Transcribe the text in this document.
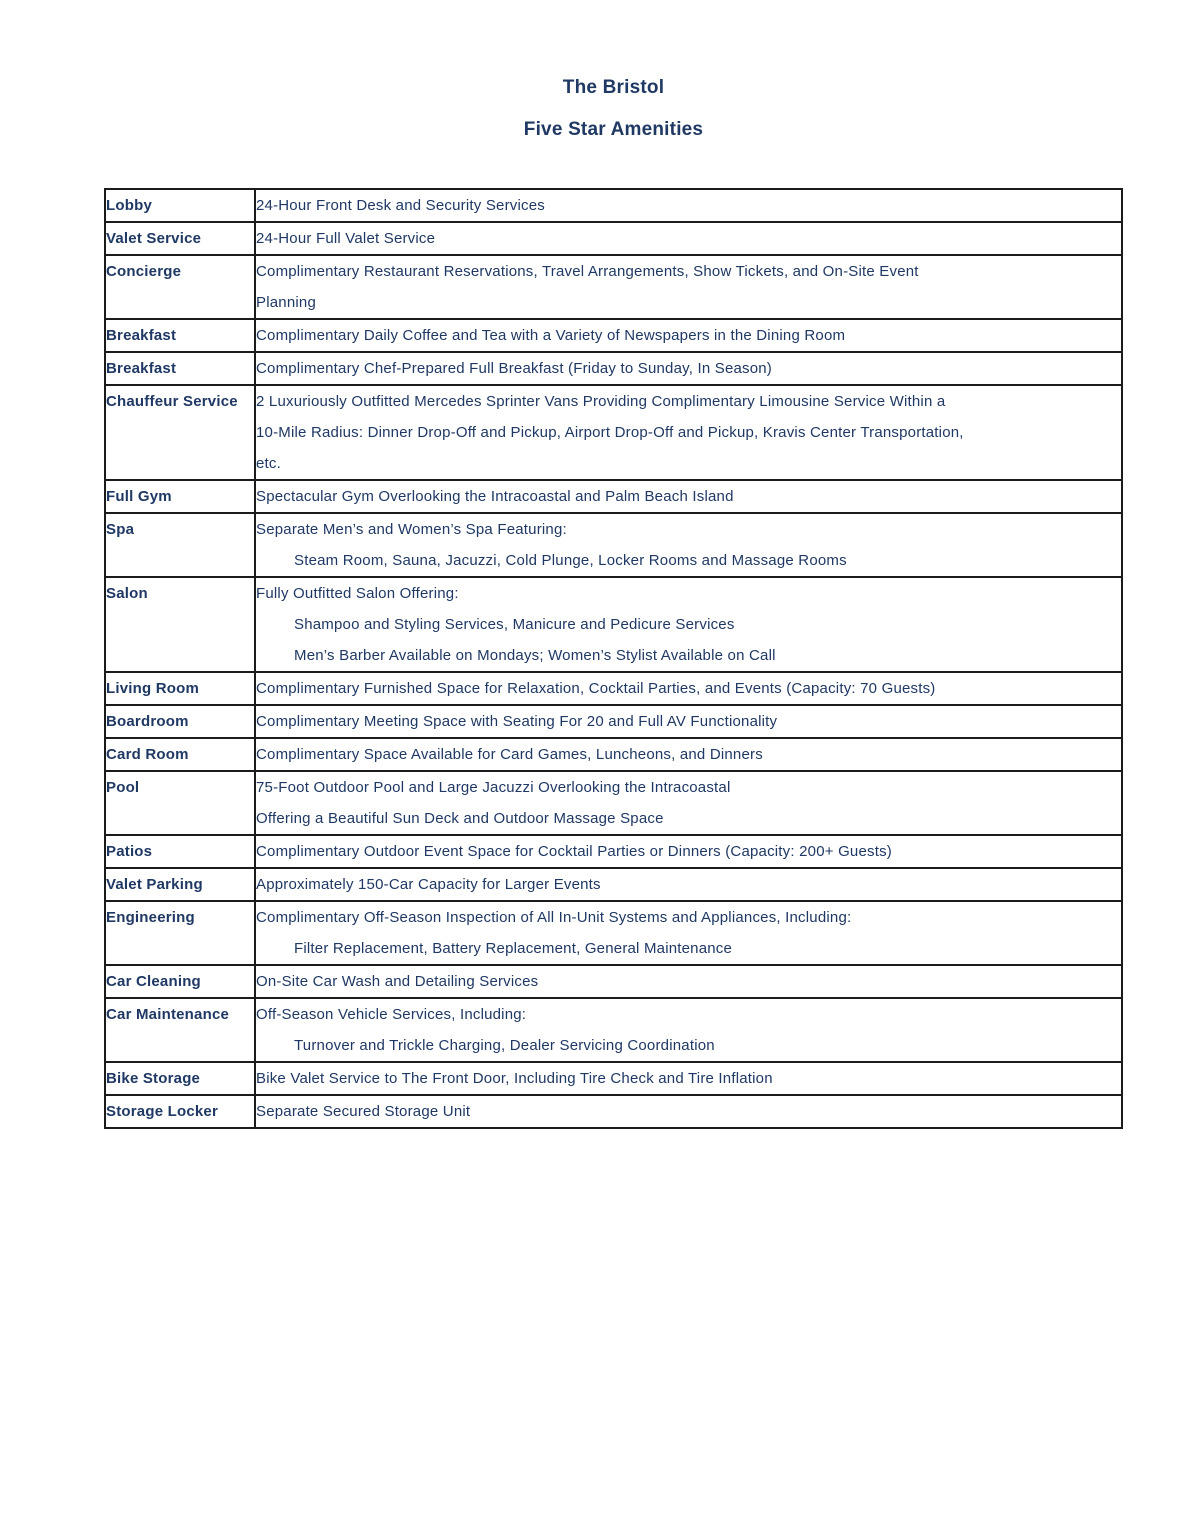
The Bristol
Five Star Amenities
Lobby	24-Hour Front Desk and Security Services

Valet Service	24-Hour Full Valet Service

Concierge	Complimentary Restaurant Reservations, Travel Arrangements, Show Tickets, and On-Site Event
Planning

Breakfast	Complimentary Daily Coffee and Tea with a Variety of Newspapers in the Dining Room

Breakfast	Complimentary Chef-Prepared Full Breakfast (Friday to Sunday, In Season)

Chauffeur Service	2 Luxuriously Outfitted Mercedes Sprinter Vans Providing Complimentary Limousine Service Within a
10-Mile Radius: Dinner Drop-Off and Pickup, Airport Drop-Off and Pickup, Kravis Center Transportation,
etc.

Full Gym	Spectacular Gym Overlooking the Intracoastal and Palm Beach Island

Spa	Separate Men’s and Women’s Spa Featuring:
Steam Room, Sauna, Jacuzzi, Cold Plunge, Locker Rooms and Massage Rooms

Salon	Fully Outfitted Salon Offering:
Shampoo and Styling Services, Manicure and Pedicure Services
Men’s Barber Available on Mondays; Women’s Stylist Available on Call

Living Room	Complimentary Furnished Space for Relaxation, Cocktail Parties, and Events (Capacity: 70 Guests)

Boardroom	Complimentary Meeting Space with Seating For 20 and Full AV Functionality

Card Room	Complimentary Space Available for Card Games, Luncheons, and Dinners

Pool	75-Foot Outdoor Pool and Large Jacuzzi Overlooking the Intracoastal
Offering a Beautiful Sun Deck and Outdoor Massage Space

Patios	Complimentary Outdoor Event Space for Cocktail Parties or Dinners (Capacity: 200+ Guests)

Valet Parking	Approximately 150-Car Capacity for Larger Events

Engineering	Complimentary Off-Season Inspection of All In-Unit Systems and Appliances, Including:
Filter Replacement, Battery Replacement, General Maintenance

Car Cleaning	On-Site Car Wash and Detailing Services

Car Maintenance	Off-Season Vehicle Services, Including:
Turnover and Trickle Charging, Dealer Servicing Coordination

Bike Storage	Bike Valet Service to The Front Door, Including Tire Check and Tire Inflation

Storage Locker	Separate Secured Storage Unit
